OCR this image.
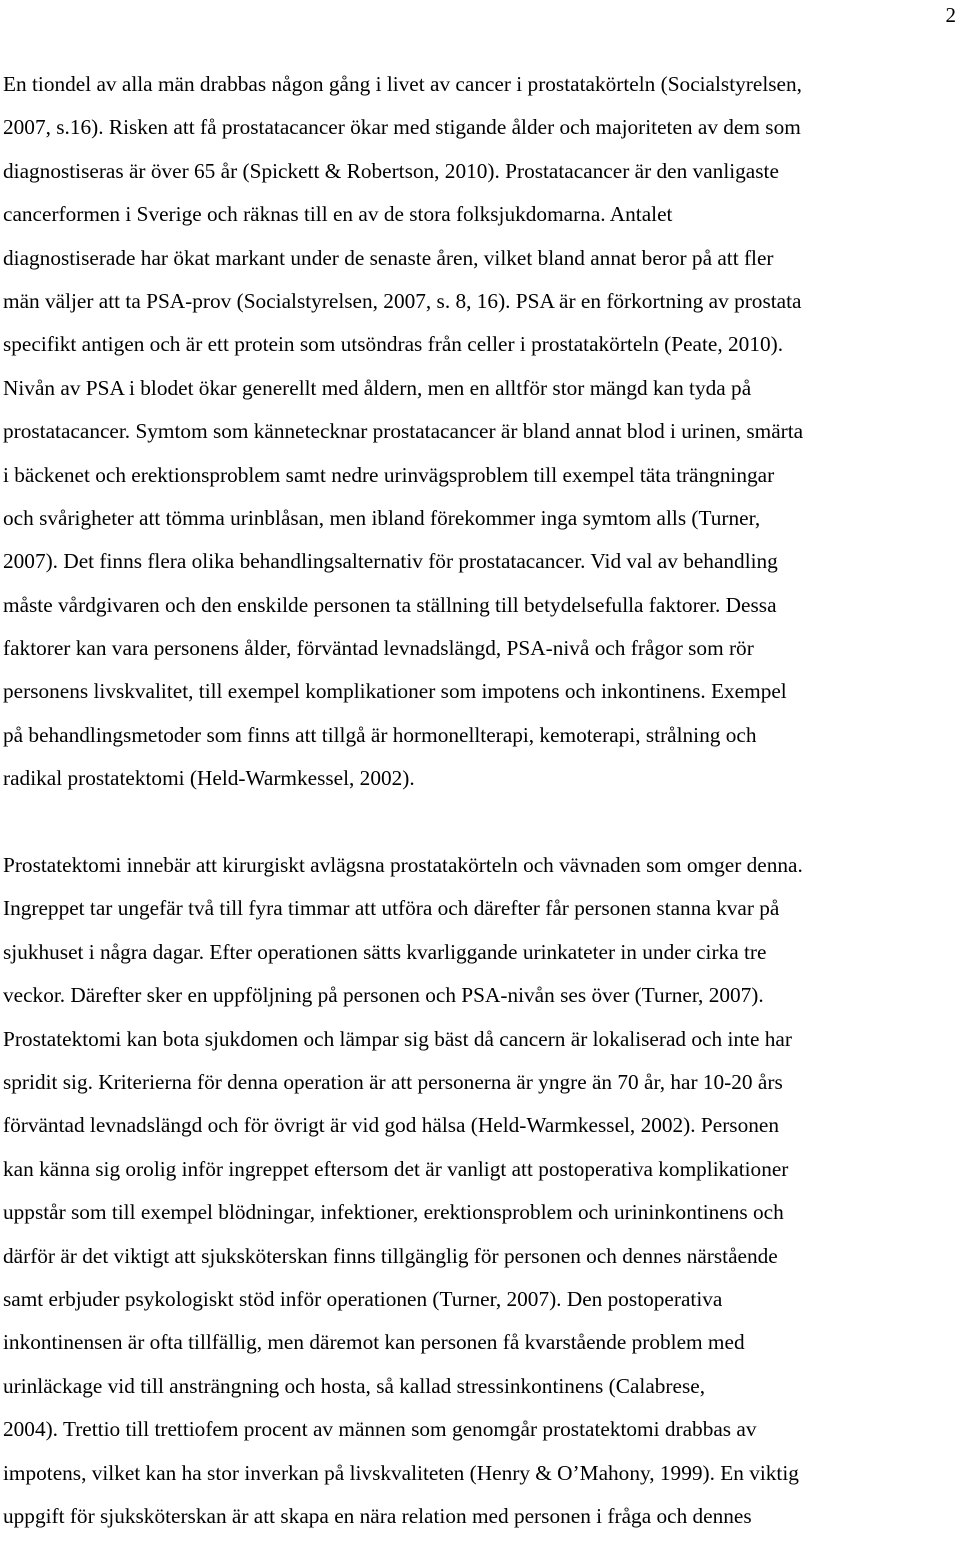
2
En tiondel av alla män drabbas någon gång i livet av cancer i prostatakörteln (Socialstyrelsen,
2007, s.16). Risken att få prostatacancer ökar med stigande ålder och majoriteten av dem som
diagnostiseras är över 65 år (Spickett & Robertson, 2010). Prostatacancer är den vanligaste
cancerformen i Sverige och räknas till en av de stora folksjukdomarna. Antalet
diagnostiserade har ökat markant under de senaste åren, vilket bland annat beror på att fler
män väljer att ta PSA-prov (Socialstyrelsen, 2007, s. 8, 16). PSA är en förkortning av prostata
specifikt antigen och är ett protein som utsöndras från celler i prostatakörteln (Peate, 2010).
Nivån av PSA i blodet ökar generellt med åldern, men en alltför stor mängd kan tyda på
prostatacancer. Symtom som kännetecknar prostatacancer är bland annat blod i urinen, smärta
i bäckenet och erektionsproblem samt nedre urinvägsproblem till exempel täta trängningar
och svårigheter att tömma urinblåsan, men ibland förekommer inga symtom alls (Turner,
2007). Det finns flera olika behandlingsalternativ för prostatacancer. Vid val av behandling
måste vårdgivaren och den enskilde personen ta ställning till betydelsefulla faktorer. Dessa
faktorer kan vara personens ålder, förväntad levnadslängd, PSA-nivå och frågor som rör
personens livskvalitet, till exempel komplikationer som impotens och inkontinens. Exempel
på behandlingsmetoder som finns att tillgå är hormonellterapi, kemoterapi, strålning och
radikal prostatektomi (Held-Warmkessel, 2002).
Prostatektomi innebär att kirurgiskt avlägsna prostatakörteln och vävnaden som omger denna.
Ingreppet tar ungefär två till fyra timmar att utföra och därefter får personen stanna kvar på
sjukhuset i några dagar. Efter operationen sätts kvarliggande urinkateter in under cirka tre
veckor. Därefter sker en uppföljning på personen och PSA-nivån ses över (Turner, 2007).
Prostatektomi kan bota sjukdomen och lämpar sig bäst då cancern är lokaliserad och inte har
spridit sig. Kriterierna för denna operation är att personerna är yngre än 70 år, har 10-20 års
förväntad levnadslängd och för övrigt är vid god hälsa (Held-Warmkessel, 2002). Personen
kan känna sig orolig inför ingreppet eftersom det är vanligt att postoperativa komplikationer
uppstår som till exempel blödningar, infektioner, erektionsproblem och urininkontinens och
därför är det viktigt att sjuksköterskan finns tillgänglig för personen och dennes närstående
samt erbjuder psykologiskt stöd inför operationen (Turner, 2007). Den postoperativa
inkontinensen är ofta tillfällig, men däremot kan personen få kvarstående problem med
urinläckage vid till ansträngning och hosta, så kallad stressinkontinens (Calabrese,
2004). Trettio till trettiofem procent av männen som genomgår prostatektomi drabbas av
impotens, vilket kan ha stor inverkan på livskvaliteten (Henry & O’Mahony, 1999). En viktig
uppgift för sjuksköterskan är att skapa en nära relation med personen i fråga och dennes
